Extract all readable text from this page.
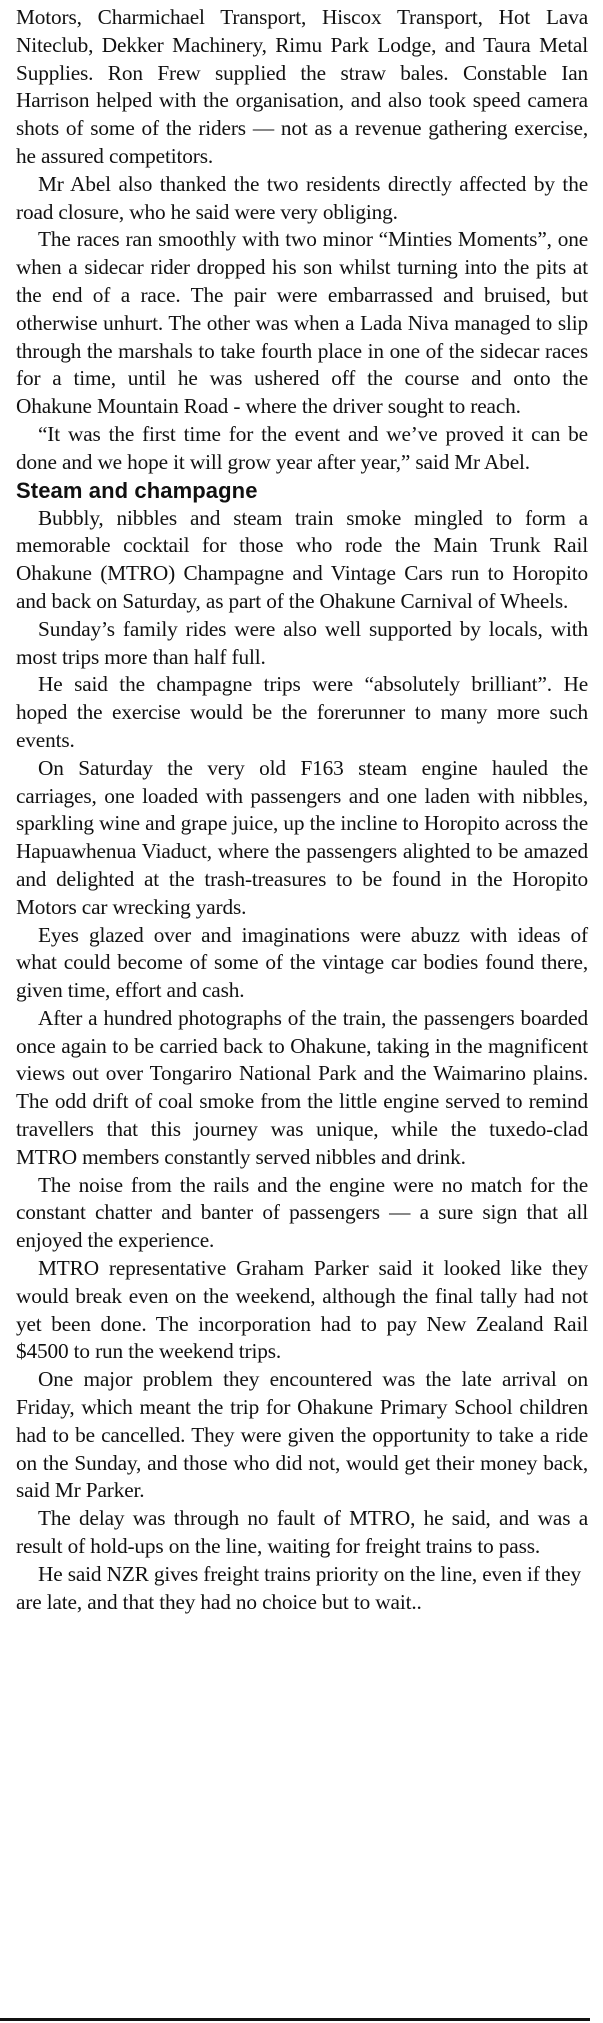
Motors, Charmichael Transport, Hiscox Transport, Hot Lava Niteclub, Dekker Machinery, Rimu Park Lodge, and Taura Metal Supplies. Ron Frew supplied the straw bales. Constable Ian Harrison helped with the organisation, and also took speed camera shots of some of the riders — not as a revenue gathering exercise, he assured competitors.

Mr Abel also thanked the two residents directly affected by the road closure, who he said were very obliging.

The races ran smoothly with two minor “Minties Moments”, one when a sidecar rider dropped his son whilst turning into the pits at the end of a race. The pair were embarrassed and bruised, but otherwise unhurt. The other was when a Lada Niva managed to slip through the marshals to take fourth place in one of the sidecar races for a time, until he was ushered off the course and onto the Ohakune Mountain Road - where the driver sought to reach.

“It was the first time for the event and we’ve proved it can be done and we hope it will grow year after year,” said Mr Abel.

Steam and champagne

Bubbly, nibbles and steam train smoke mingled to form a memorable cocktail for those who rode the Main Trunk Rail Ohakune (MTRO) Champagne and Vintage Cars run to Horopito and back on Saturday, as part of the Ohakune Carnival of Wheels.

Sunday’s family rides were also well supported by locals, with most trips more than half full.

He said the champagne trips were “absolutely brilliant”. He hoped the exercise would be the forerunner to many more such events.

On Saturday the very old F163 steam engine hauled the carriages, one loaded with passengers and one laden with nibbles, sparkling wine and grape juice, up the incline to Horopito across the Hapuawhenua Viaduct, where the passengers alighted to be amazed and delighted at the trash-treasures to be found in the Horopito Motors car wrecking yards.

Eyes glazed over and imaginations were abuzz with ideas of what could become of some of the vintage car bodies found there, given time, effort and cash.

After a hundred photographs of the train, the passengers boarded once again to be carried back to Ohakune, taking in the magnificent views out over Tongariro National Park and the Waimarino plains. The odd drift of coal smoke from the little engine served to remind travellers that this journey was unique, while the tuxedo-clad MTRO members constantly served nibbles and drink.

The noise from the rails and the engine were no match for the constant chatter and banter of passengers — a sure sign that all enjoyed the experience.

MTRO representative Graham Parker said it looked like they would break even on the weekend, although the final tally had not yet been done. The incorporation had to pay New Zealand Rail $4500 to run the weekend trips.

One major problem they encountered was the late arrival on Friday, which meant the trip for Ohakune Primary School children had to be cancelled. They were given the opportunity to take a ride on the Sunday, and those who did not, would get their money back, said Mr Parker.

The delay was through no fault of MTRO, he said, and was a result of hold-ups on the line, waiting for freight trains to pass.

He said NZR gives freight trains priority on the line, even if they are late, and that they had no choice but to wait..
